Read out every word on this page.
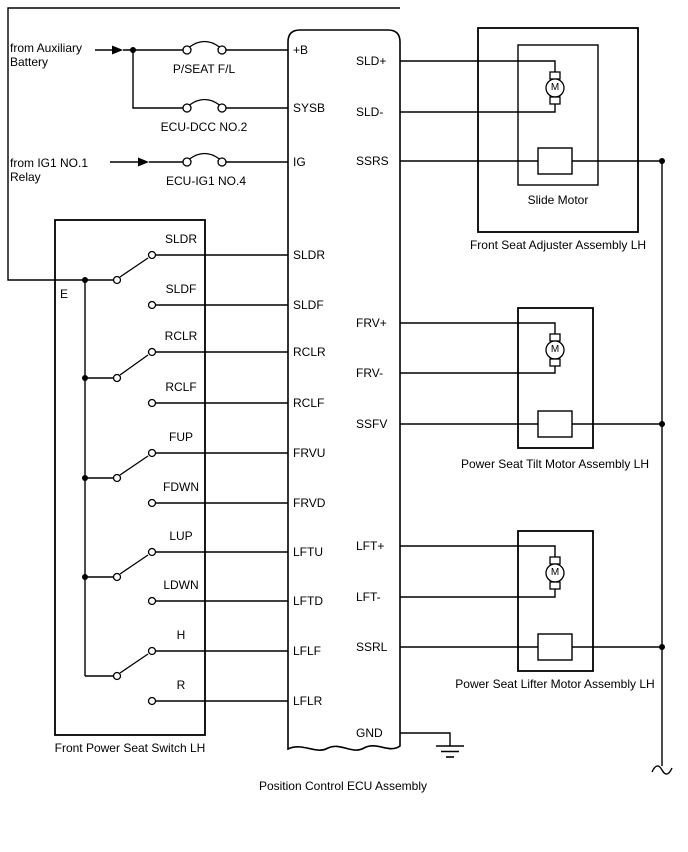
from Auxiliary
Battery
from IG1 NO.1
Relay
P/SEAT F/L
ECU-DCC NO.2
ECU-IG1 NO.4
+B
SYSB
IG
SLDR
SLDF
RCLR
RCLF
FRVU
FRVD
LFTU
LFTD
LFLF
LFLR
SLD+
SLD-
SSRS
FRV+
FRV-
SSFV
LFT+
LFT-
SSRL
GND
SLDR
SLDF
RCLR
RCLF
FUP
FDWN
LUP
LDWN
H
R
E
Front Power Seat Switch LH
Position Control ECU Assembly
Front Seat Adjuster Assembly LH
Slide Motor
Power Seat Tilt Motor Assembly LH
Power Seat Lifter Motor Assembly LH
M
M
M
